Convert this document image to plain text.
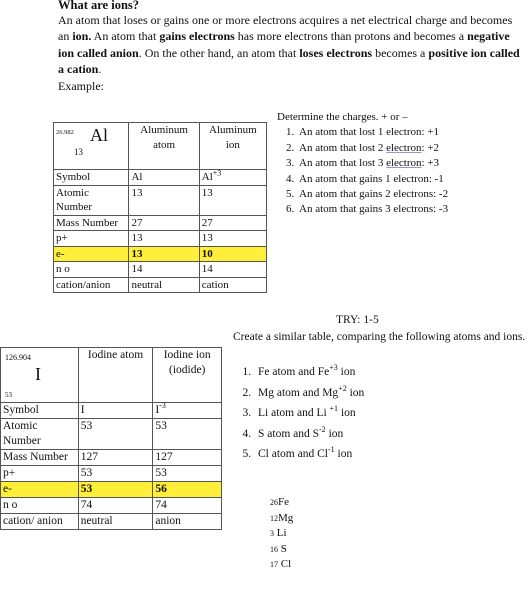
What are ions?
An atom that loses or gains one or more electrons acquires a net electrical charge and becomes an ion. An atom that gains electrons has more electrons than protons and becomes a negative ion called anion. On the other hand, an atom that loses electrons becomes a positive ion called a cation.
Example:
26.982 Al
13	Aluminum atom	Aluminum ion
Symbol	Al	$Al^{+3}$
Atomic Number	13	13
Mass Number	27	27
p+	13	13
e-	13	10
n o	14	14
cation/anion	neutral	cation
Determine the charges. + or –
1. An atom that lost 1 electron: +1
2. An atom that lost 2 electron: +2
3. An atom that lost 3 electron: +3
4. An atom that gains 1 electron: -1
5. An atom that gains 2 electrons: -2
6. An atom that gains 3 electrons: -3
TRY: 1-5
Create a similar table, comparing the following atoms and ions.
1. Fe atom and $Fe^{+3}$ ion
2. Mg atom and $Mg^{+2}$ ion
3. Li atom and Li $^{+1}$ ion
4. S atom and $S^{-2}$ ion
5. Cl atom and $Cl^{-1}$ ion
26Fe
12Mg
3 Li
16 S
17 Cl
126.904
I
53	Iodine atom	Iodine ion (iodide)
Symbol	I	$I^{-3}$
Atomic Number	53	53
Mass Number	127	127
p+	53	53
e-	53	56
n o	74	74
cation/ anion	neutral	anion
